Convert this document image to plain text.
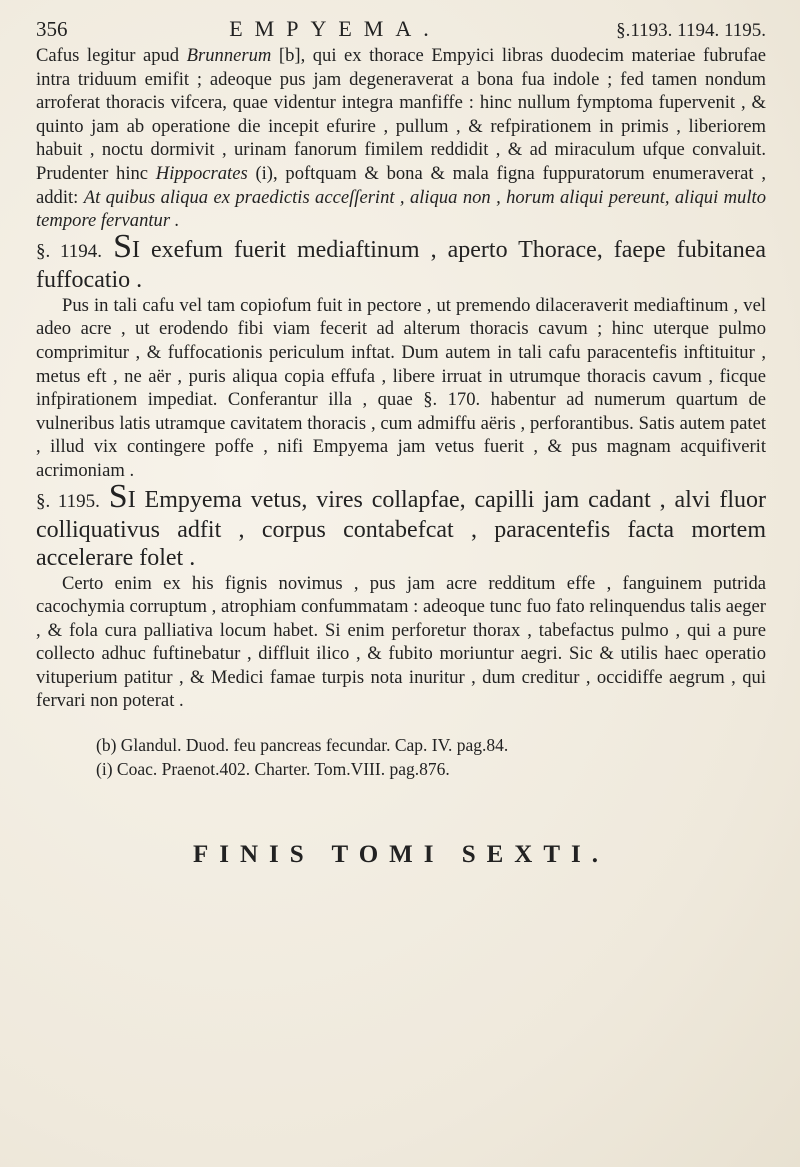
356	EMPYEMA.	§.1193. 1194. 1195.

Cafus legitur apud Brunnerum [b], qui ex thorace Empyici libras duodecim materiae fubrufae intra triduum emifit ; adeoque pus jam degeneraverat a bona fua indole ; fed tamen nondum arroferat thoracis vifcera, quae videntur integra manfiffe : hinc nullum fymptoma fupervenit , & quinto jam ab operatione die incepit efurire , pullum , & refpirationem in primis , liberiorem habuit , noctu dormivit , urinam fanorum fimilem reddidit , & ad miraculum ufque convaluit. Prudenter hinc Hippocrates (i), poftquam & bona & mala figna fuppuratorum enumeraverat , addit: At quibus aliqua ex praedictis acceſſerint , aliqua non , horum aliqui pereunt, aliqui multo tempore fervantur .

§. 1194. SI exefum fuerit mediaftinum , aperto Thorace, faepe fubitanea fuffocatio .

Pus in tali cafu vel tam copiofum fuit in pectore , ut premendo dilaceraverit mediaftinum , vel adeo acre , ut erodendo fibi viam fecerit ad alterum thoracis cavum ; hinc uterque pulmo comprimitur , & fuffocationis periculum inftat. Dum autem in tali cafu paracentefis inftituitur , metus eft , ne aër , puris aliqua copia effufa , libere irruat in utrumque thoracis cavum , ficque infpirationem impediat. Conferantur illa , quae §. 170. habentur ad numerum quartum de vulneribus latis utramque cavitatem thoracis , cum admiffu aëris , perforantibus. Satis autem patet , illud vix contingere poffe , nifi Empyema jam vetus fuerit , & pus magnam acquifiverit acrimoniam .

§. 1195. SI Empyema vetus, vires collapfae, capilli jam cadant , alvi fluor colliquativus adfit , corpus contabefcat , paracentefis facta mortem accelerare folet .

Certo enim ex his fignis novimus , pus jam acre redditum effe , fanguinem putrida cacochymia corruptum , atrophiam confummatam : adeoque tunc fuo fato relinquendus talis aeger , & fola cura palliativa locum habet. Si enim perforetur thorax , tabefactus pulmo , qui a pure collecto adhuc fuftinebatur , diffluit ilico , & fubito moriuntur aegri. Sic & utilis haec operatio vituperium patitur , & Medici famae turpis nota inuritur , dum creditur , occidiffe aegrum , qui fervari non poterat .

(b) Glandul. Duod. feu pancreas fecundar. Cap. IV. pag.84.
(i) Coac. Praenot.402. Charter. Tom.VIII. pag.876.
FINIS TOMI SEXTI.
